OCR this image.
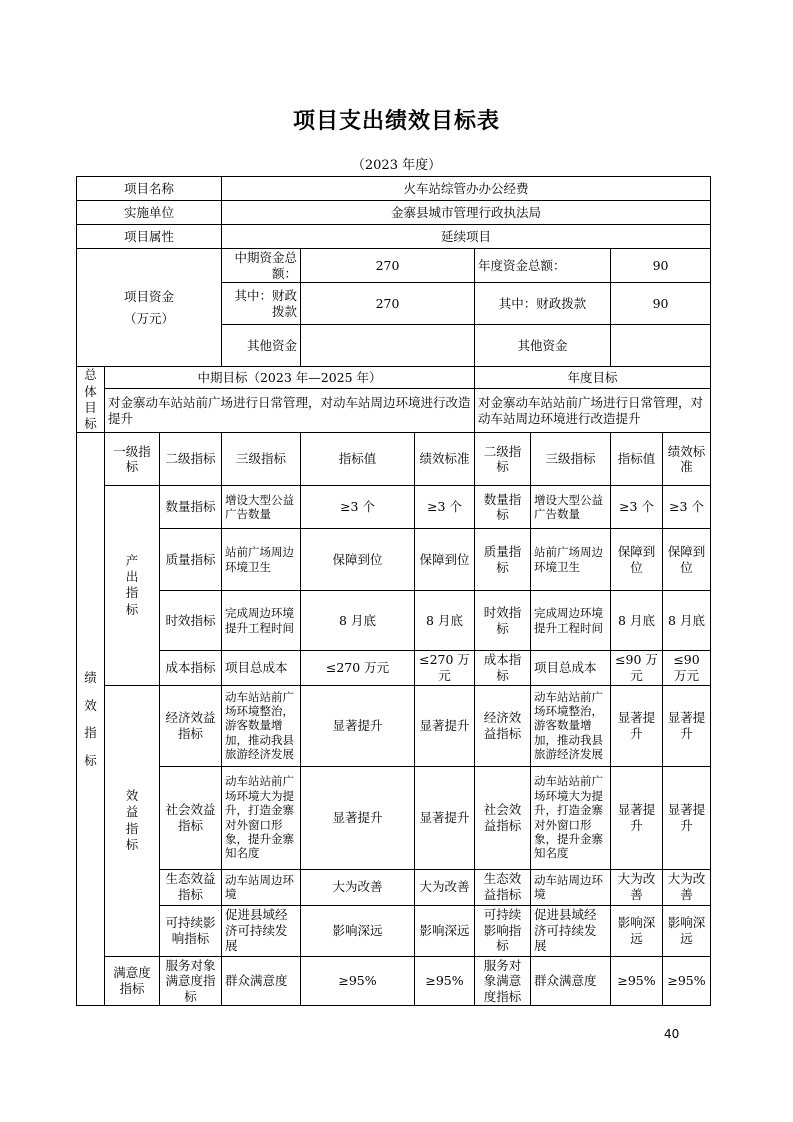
项目支出绩效目标表
（2023 年度）
项目名称			火车站综管办办公经费						
实施单位			金寨县城市管理行政执法局						
项目属性			延续项目						
项目资金
（万元）			中期资金总额：	270		年度资金总额：		90	
			其中：财政拨款	270		其中：财政拨款		90	
			其他资金			其他资金			

总体目标	中期目标（2023 年—2025 年）					年度目标			
	对金寨动车站站前广场进行日常管理，对动车站周边环境进行改造提升					对金寨动车站站前广场进行日常管理，对动车站周边环境进行改造提升			

绩效指标	一级指标	二级指标	三级指标	指标值	绩效标准	二级指标	三级指标	指标值	绩效标准

	产出指标	数量指标	增设大型公益广告数量	≥3 个	≥3 个	数量指标	增设大型公益广告数量	≥3 个	≥3 个
		质量指标	站前广场周边环境卫生	保障到位	保障到位	质量指标	站前广场周边环境卫生	保障到位	保障到位
		时效指标	完成周边环境提升工程时间	8 月底	8 月底	时效指标	完成周边环境提升工程时间	8 月底	8 月底
		成本指标	项目总成本	≤270 万元	≤270 万元	成本指标	项目总成本	≤90 万元	≤90 万元

	效益指标	经济效益指标	动车站站前广场环境整治，游客数量增加，推动我县旅游经济发展	显著提升	显著提升	经济效益指标	动车站站前广场环境整治，游客数量增加，推动我县旅游经济发展	显著提升	显著提升
		社会效益指标	动车站站前广场环境大为提升，打造金寨对外窗口形象，提升金寨知名度	显著提升	显著提升	社会效益指标	动车站站前广场环境大为提升，打造金寨对外窗口形象，提升金寨知名度	显著提升	显著提升
		生态效益指标	动车站周边环境	大为改善	大为改善	生态效益指标	动车站周边环境	大为改善	大为改善
		可持续影响指标	促进县域经济可持续发展	影响深远	影响深远	可持续影响指标	促进县域经济可持续发展	影响深远	影响深远
	满意度指标	服务对象满意度指标	群众满意度	≥95%	≥95%	服务对象满意度指标	群众满意度	≥95%	≥95%
40
